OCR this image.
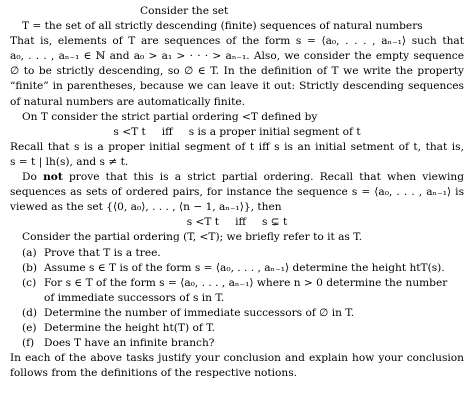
Consider the set
T = the set of all strictly descending (finite) sequences of natural numbers
That is, elements of T are sequences of the form s = ⟨a₀, . . . , aₙ₋₁⟩ such that
a₀, . . . , aₙ₋₁ ∈ ℕ and a₀ > a₁ > · · · > aₙ₋₁. Also, we consider the empty sequence
∅ to be strictly descending, so ∅ ∈ T. In the definition of T we write the property
“finite” in parentheses, because we can leave it out: Strictly descending sequences
of natural numbers are automatically finite.
On T consider the strict partial ordering <T defined by
s <T t iff s is a proper initial segment of t
Recall that s is a proper initial segment of t iff s is an initial setment of t, that is,
s = t | lh(s), and s ≠ t.
Do not prove that this is a strict partial ordering. Recall that when viewing
sequences as sets of ordered pairs, for instance the sequence s = ⟨a₀, . . . , aₙ₋₁⟩ is
viewed as the set {⟨0, a₀⟩, . . . , ⟨n − 1, aₙ₋₁⟩}, then
s <T t iff s ⊊ t
Consider the partial ordering (T, <T); we briefly refer to it as T.
(a) Prove that T is a tree.
(b) Assume s ∈ T is of the form s = ⟨a₀, . . . , aₙ₋₁⟩ determine the height htT(s).
(c) For s ∈ T of the form s = ⟨a₀, . . . , aₙ₋₁⟩ where n > 0 determine the number
of immediate successors of s in T.
(d) Determine the number of immediate successors of ∅ in T.
(e) Determine the height ht(T) of T.
(f) Does T have an infinite branch?
In each of the above tasks justify your conclusion and explain how your conclusion
follows from the definitions of the respective notions.
